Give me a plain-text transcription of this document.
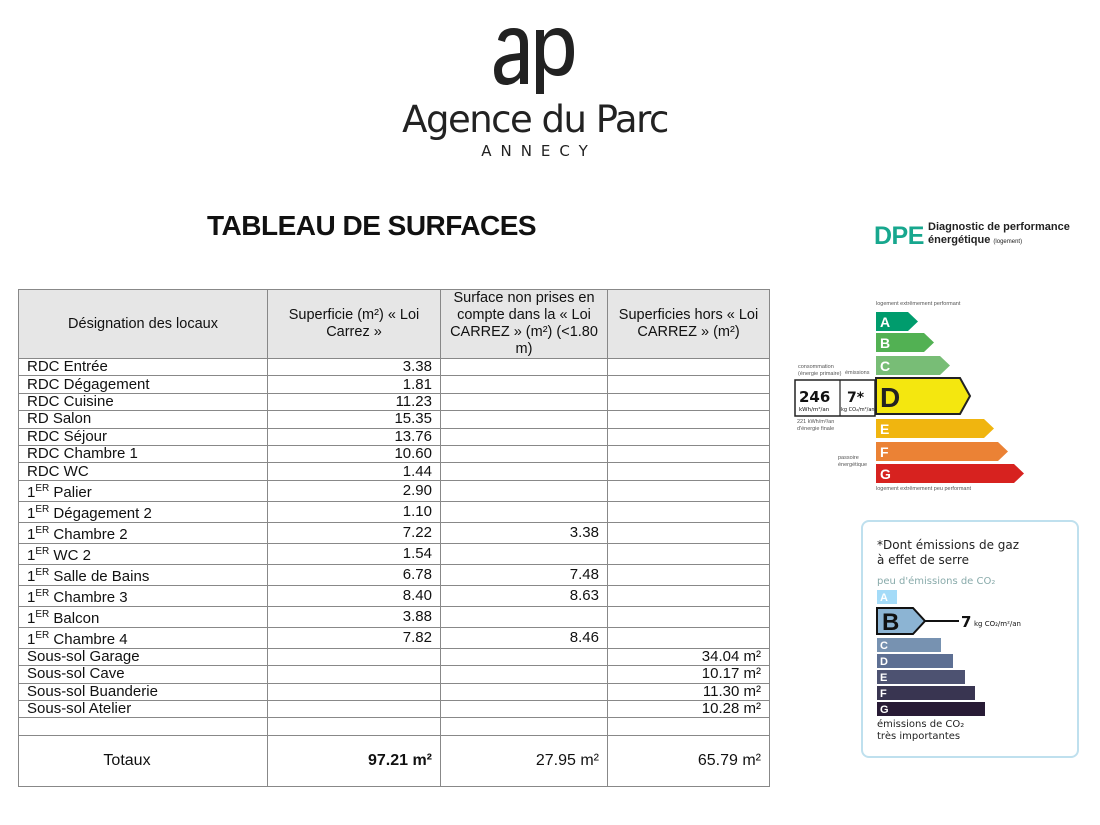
Agence du Parc
ANNECY
TABLEAU DE SURFACES
Désignation des locaux	Superficie (m²) « Loi Carrez »	Surface non prises en compte dans la « Loi CARREZ » (m²) (<1.80 m)	Superficies hors « Loi CARREZ » (m²)
RDC Entrée	3.38		
RDC Dégagement	1.81		
RDC Cuisine	11.23		
RD Salon	15.35		
RDC Séjour	13.76		
RDC Chambre 1	10.60		
RDC WC	1.44		
1ER Palier	2.90		
1ER Dégagement 2	1.10		
1ER Chambre 2	7.22	3.38	
1ER WC 2	1.54		
1ER Salle de Bains	6.78	7.48	
1ER Chambre 3	8.40	8.63	
1ER Balcon	3.88		
1ER Chambre 4	7.82	8.46	
Sous-sol Garage			34.04 m²
Sous-sol Cave			10.17 m²
Sous-sol Buanderie			11.30 m²
Sous-sol Atelier			10.28 m²

Totaux	97.21 m²	27.95 m²	65.79 m²
DPE Diagnostic de performance
énergétique (logement)
logement extrêmement performant
logement extrêmement peu performant
consommation (énergie primaire) émissions
221 kWh/m²/an d'énergie finale
passoire énergétique
A
B
C
D
E
F
G
246
kWh/m²/an
7*
kg CO₂/m²/an
*Dont émissions de gaz
à effet de serre
peu d'émissions de CO₂
émissions de CO₂
très importantes
A
B	7 kg CO₂/m²/an
C
D
E
F
G
